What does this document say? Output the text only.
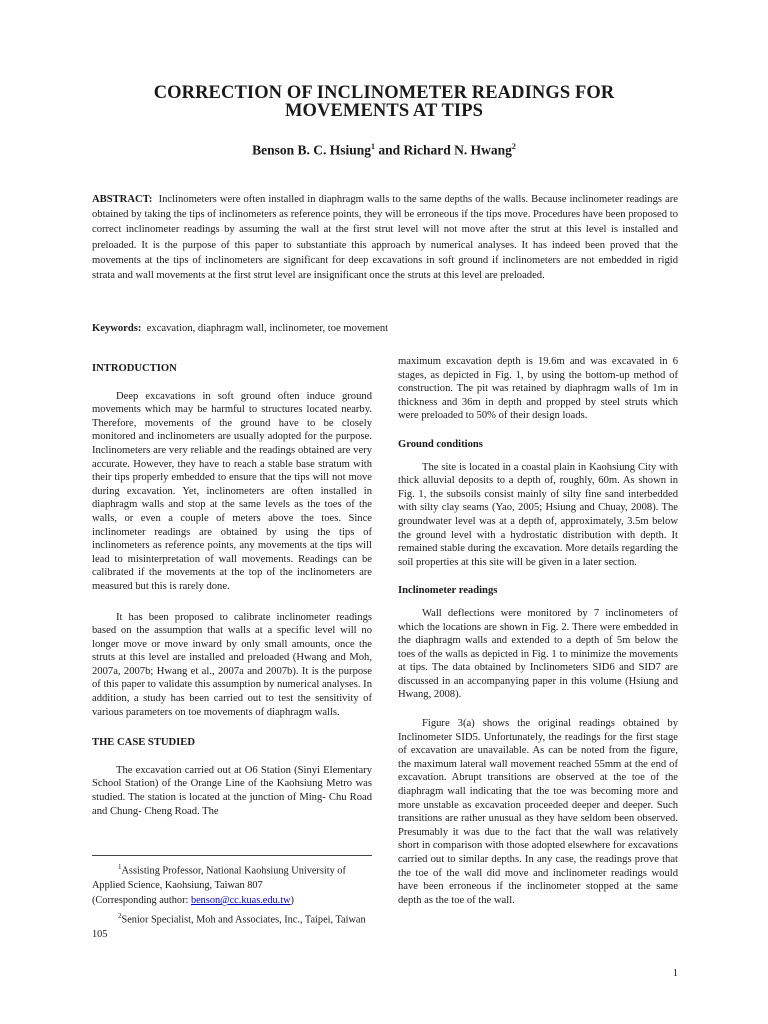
CORRECTION OF INCLINOMETER READINGS FOR
MOVEMENTS AT TIPS
Benson B. C. Hsiung$^1$ and Richard N. Hwang$^2$
ABSTRACT: Inclinometers were often installed in diaphragm walls to the same depths of the walls. Because inclinometer readings are obtained by taking the tips of inclinometers as reference points, they will be erroneous if the tips move. Procedures have been proposed to correct inclinometer readings by assuming the wall at the first strut level will not move after the strut at this level is installed and preloaded. It is the purpose of this paper to substantiate this approach by numerical analyses. It has indeed been proved that the movements at the tips of inclinometers are significant for deep excavations in soft ground if inclinometers are not embedded in rigid strata and wall movements at the first strut level are insignificant once the struts at this level are preloaded.
Keywords: excavation, diaphragm wall, inclinometer, toe movement
INTRODUCTION

Deep excavations in soft ground often induce ground movements which may be harmful to structures located nearby. Therefore, movements of the ground have to be closely monitored and inclinometers are usually adopted for the purpose. Inclinometers are very reliable and the readings obtained are very accurate. However, they have to reach a stable base stratum with their tips properly embedded to ensure that the tips will not move during excavation. Yet, inclinometers are often installed in diaphragm walls and stop at the same levels as the toes of the walls, or even a couple of meters above the toes. Since inclinometer readings are obtained by using the tips of inclinometers as reference points, any movements at the tips will lead to misinterpretation of wall movements. Readings can be calibrated if the movements at the top of the inclinometers are measured but this is rarely done.

It has been proposed to calibrate inclinometer readings based on the assumption that walls at a specific level will no longer move or move inward by only small amounts, once the struts at this level are installed and preloaded (Hwang and Moh, 2007a, 2007b; Hwang et al., 2007a and 2007b). It is the purpose of this paper to validate this assumption by numerical analyses. In addition, a study has been carried out to test the sensitivity of various parameters on toe movements of diaphragm walls.

THE CASE STUDIED

The excavation carried out at O6 Station (Sinyi Elementary School Station) of the Orange Line of the Kaohsiung Metro was studied. The station is located at the junction of Ming- Chu Road and Chung- Cheng Road. The

$^1$Assisting Professor, National Kaohsiung University of Applied Science, Kaohsiung, Taiwan 807
(Corresponding author: benson@cc.kuas.edu.tw)
$^2$Senior Specialist, Moh and Associates, Inc., Taipei, Taiwan 105

maximum excavation depth is 19.6m and was excavated in 6 stages, as depicted in Fig. 1, by using the bottom-up method of construction. The pit was retained by diaphragm walls of 1m in thickness and 36m in depth and propped by steel struts which were preloaded to 50% of their design loads.

Ground conditions

The site is located in a coastal plain in Kaohsiung City with thick alluvial deposits to a depth of, roughly, 60m. As shown in Fig. 1, the subsoils consist mainly of silty fine sand interbedded with silty clay seams (Yao, 2005; Hsiung and Chuay, 2008). The groundwater level was at a depth of, approximately, 3.5m below the ground level with a hydrostatic distribution with depth. It remained stable during the excavation. More details regarding the soil properties at this site will be given in a later section.

Inclinometer readings

Wall deflections were monitored by 7 inclinometers of which the locations are shown in Fig. 2. There were embedded in the diaphragm walls and extended to a depth of 5m below the toes of the walls as depicted in Fig. 1 to minimize the movements at tips. The data obtained by Inclinometers SID6 and SID7 are discussed in an accompanying paper in this volume (Hsiung and Hwang, 2008).

Figure 3(a) shows the original readings obtained by Inclinometer SID5. Unfortunately, the readings for the first stage of excavation are unavailable. As can be noted from the figure, the maximum lateral wall movement reached 55mm at the end of excavation. Abrupt transitions are observed at the toe of the diaphragm wall indicating that the toe was becoming more and more unstable as excavation proceeded deeper and deeper. Such transitions are rather unusual as they have seldom been observed. Presumably it was due to the fact that the wall was relatively short in comparison with those adopted elsewhere for excavations carried out to similar depths. In any case, the readings prove that the toe of the wall did move and inclinometer readings would have been erroneous if the inclinometer stopped at the same depth as the toe of the wall.

1
